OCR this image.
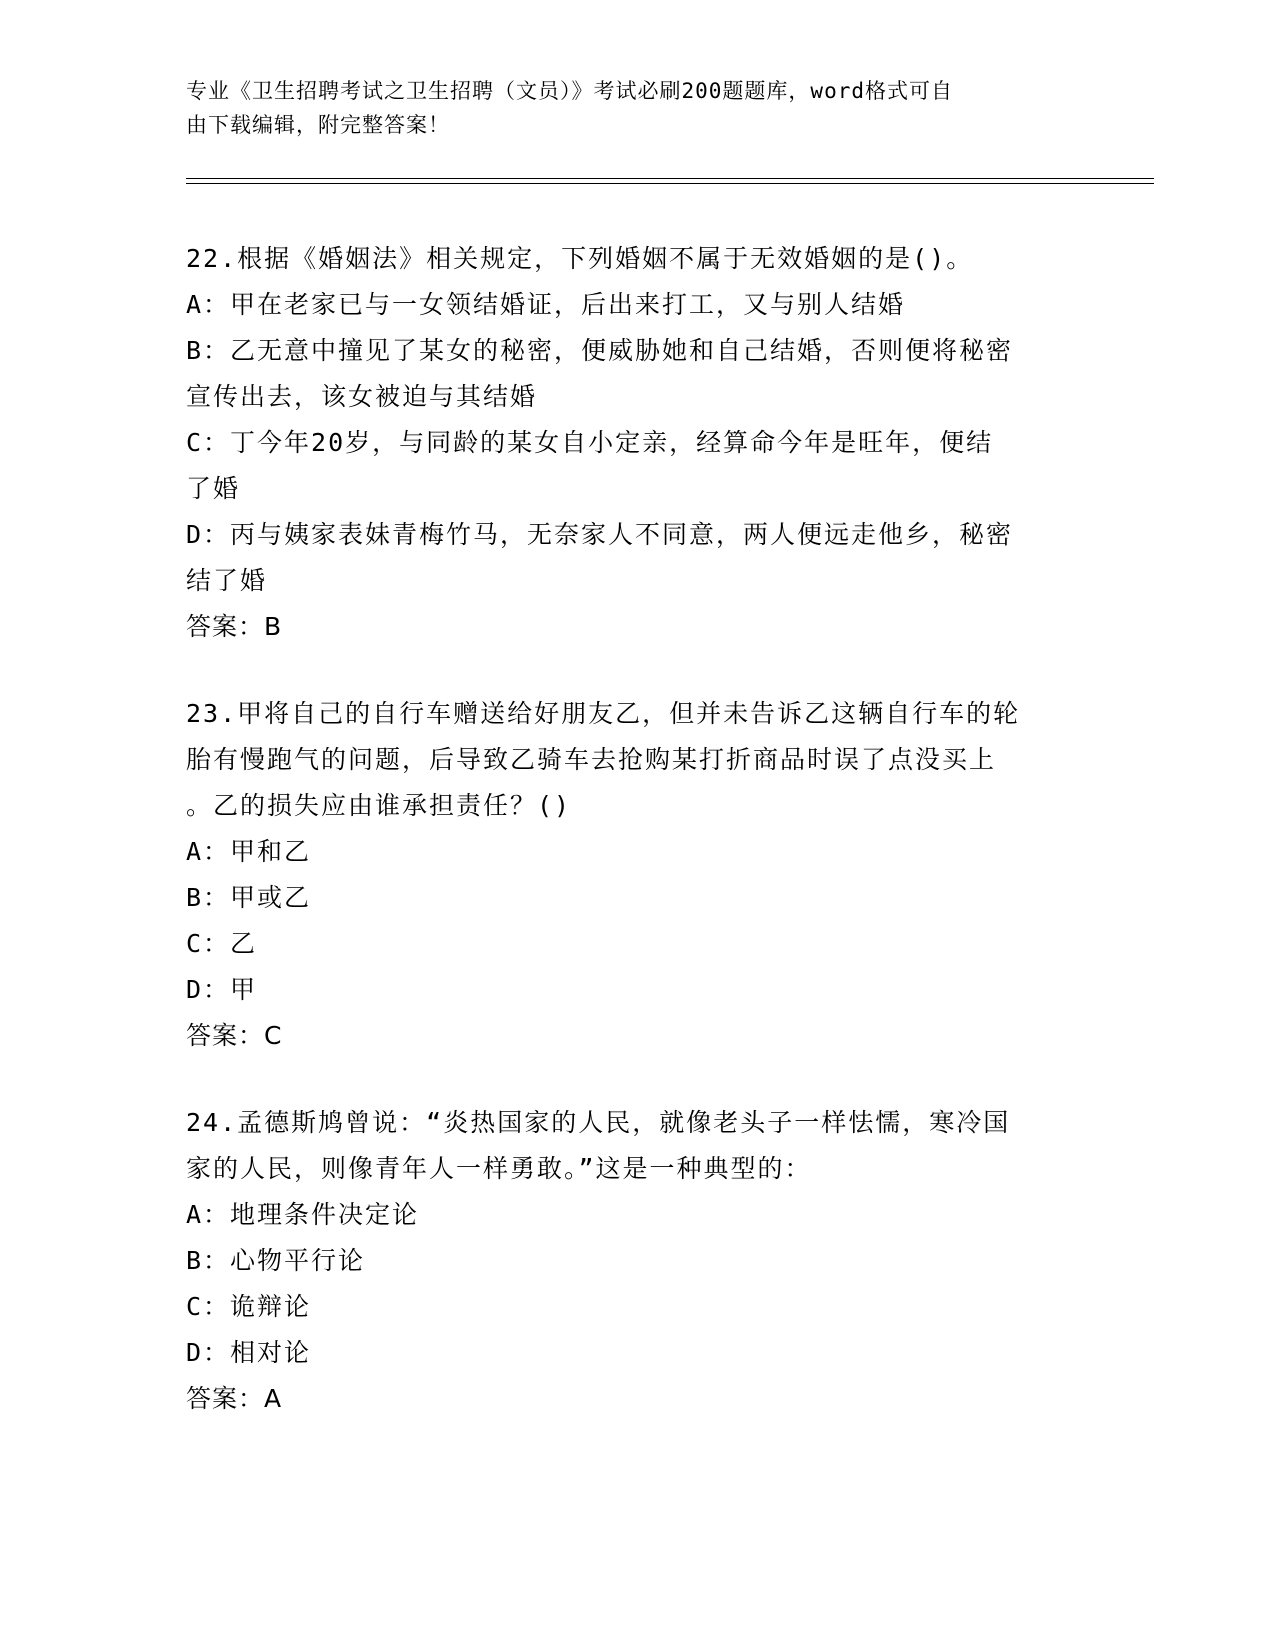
专业《卫生招聘考试之卫生招聘（文员）》考试必刷200题题库，word格式可自
由下载编辑，附完整答案！
22.根据《婚姻法》相关规定，下列婚姻不属于无效婚姻的是()。
A：甲在老家已与一女领结婚证，后出来打工，又与别人结婚
B：乙无意中撞见了某女的秘密，便威胁她和自己结婚，否则便将秘密
宣传出去，该女被迫与其结婚
C：丁今年20岁，与同龄的某女自小定亲，经算命今年是旺年，便结
了婚
D：丙与姨家表妹青梅竹马，无奈家人不同意，两人便远走他乡，秘密
结了婚
答案：B
23.甲将自己的自行车赠送给好朋友乙，但并未告诉乙这辆自行车的轮
胎有慢跑气的问题，后导致乙骑车去抢购某打折商品时误了点没买上
。乙的损失应由谁承担责任？()
A：甲和乙
B：甲或乙
C：乙
D：甲
答案：C
24.孟德斯鸠曾说：“炎热国家的人民，就像老头子一样怯懦，寒冷国
家的人民，则像青年人一样勇敢。”这是一种典型的：
A：地理条件决定论
B：心物平行论
C：诡辩论
D：相对论
答案：A
